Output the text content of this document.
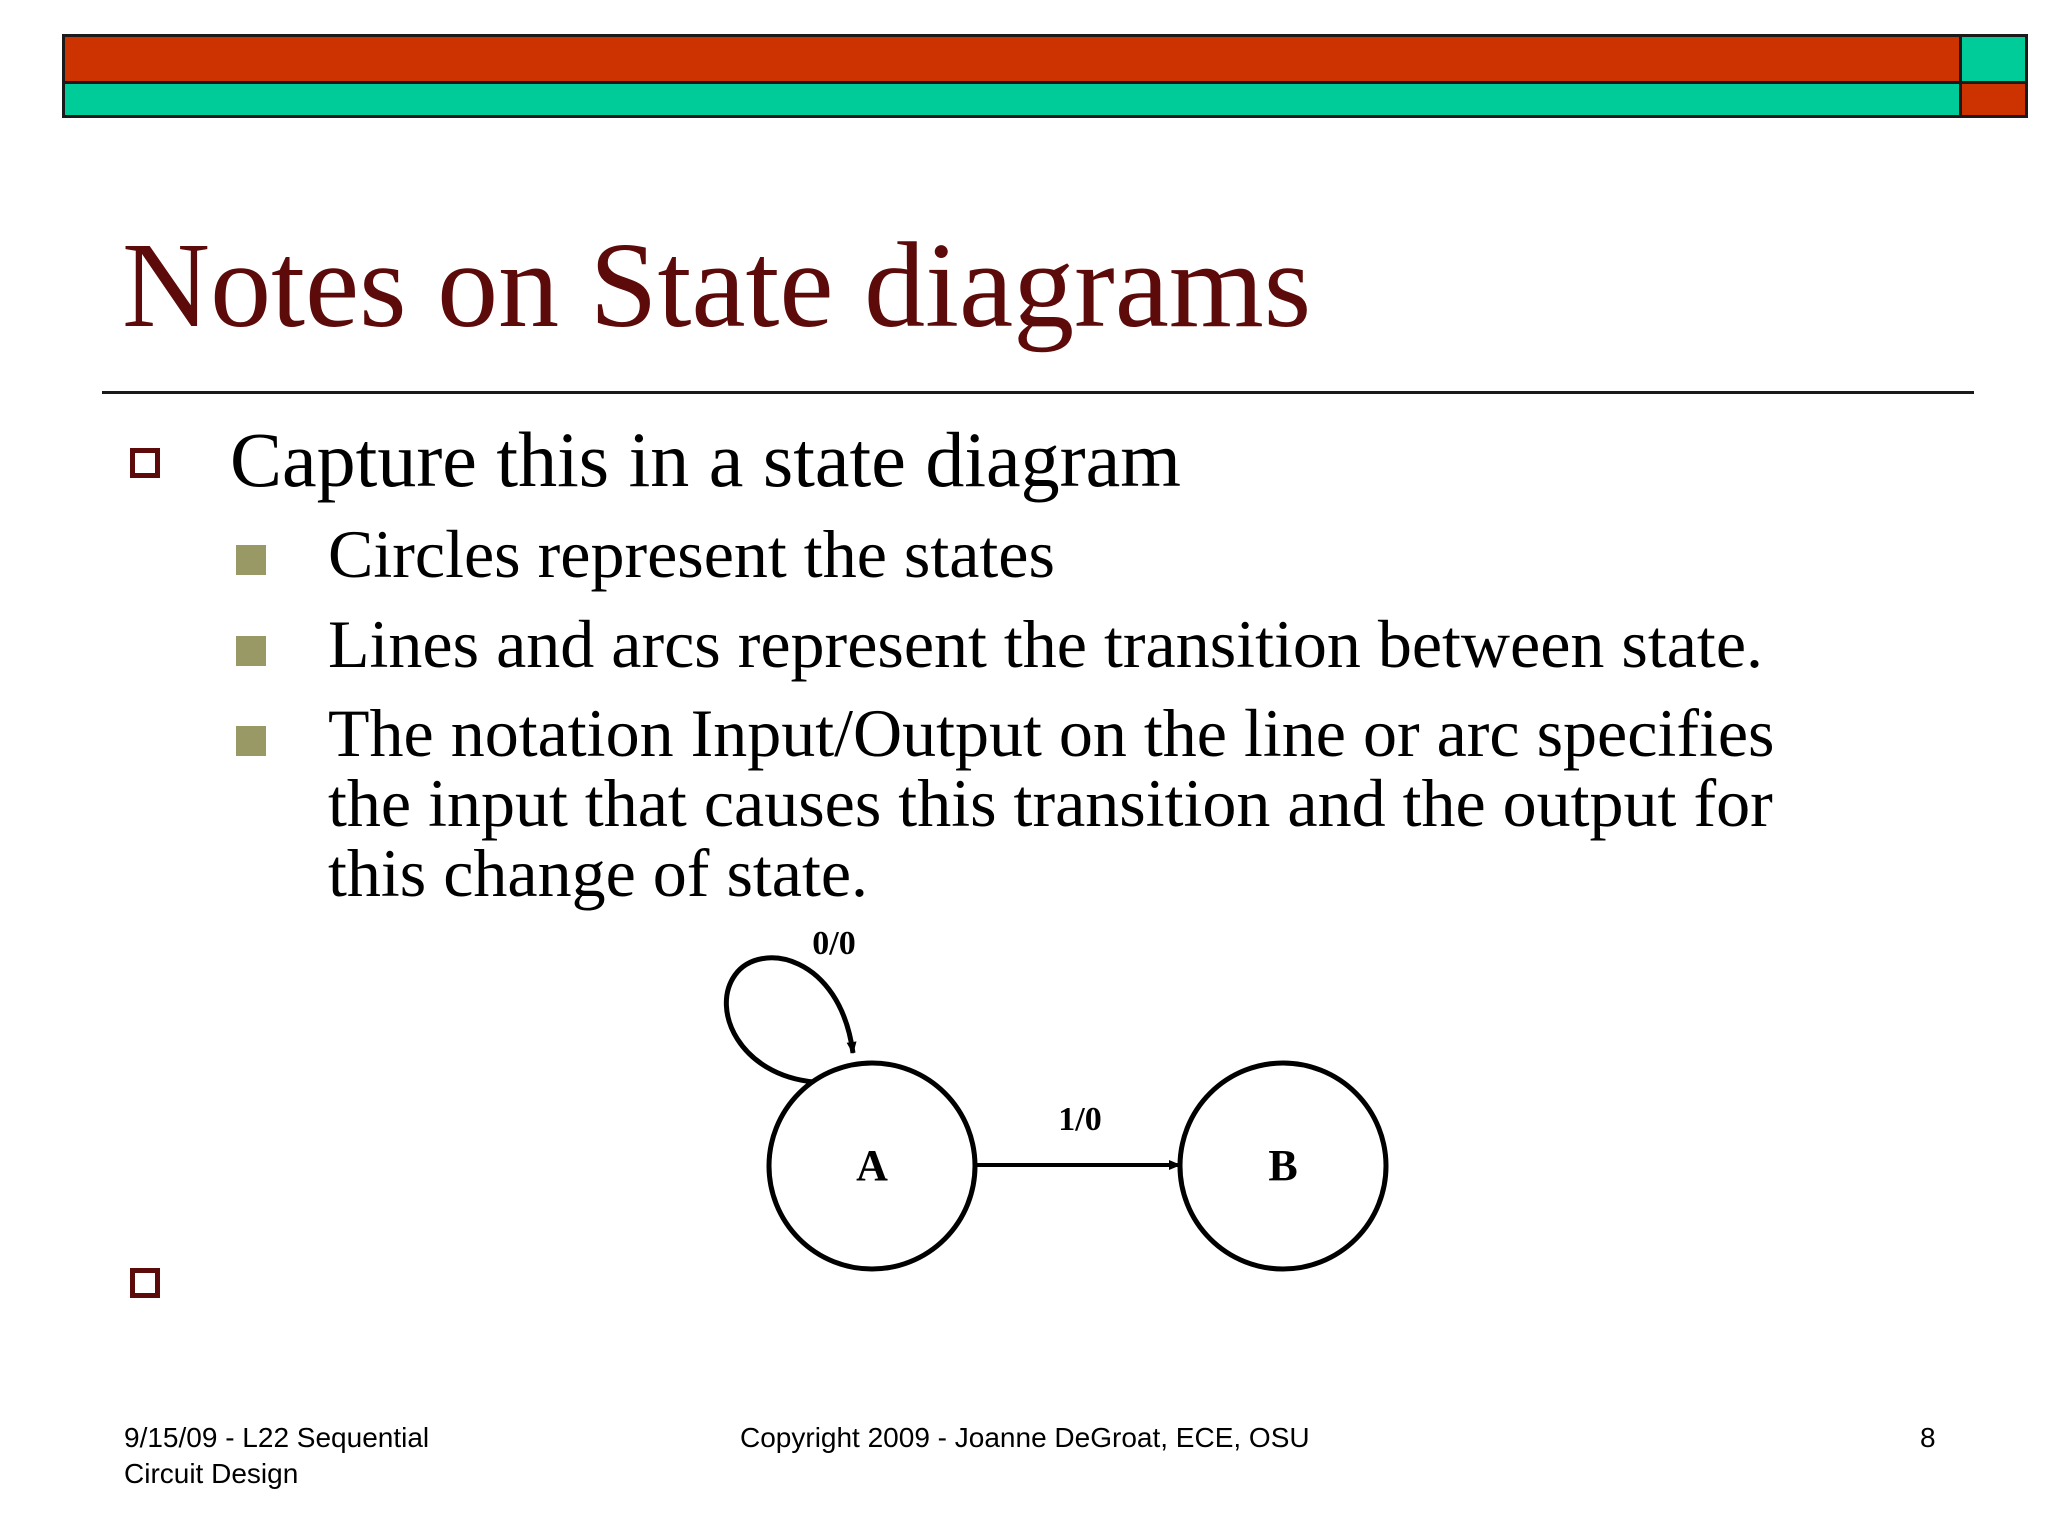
Notes on State diagrams
Capture this in a state diagram
Circles represent the states
Lines and arcs represent the transition between state.
The notation Input/Output on the line or arc specifies
the input that causes this transition and the output for
this change of state.
A	B
0/0
1/0
9/15/09 - L22 Sequential
Circuit Design
Copyright 2009 - Joanne DeGroat, ECE, OSU	8
